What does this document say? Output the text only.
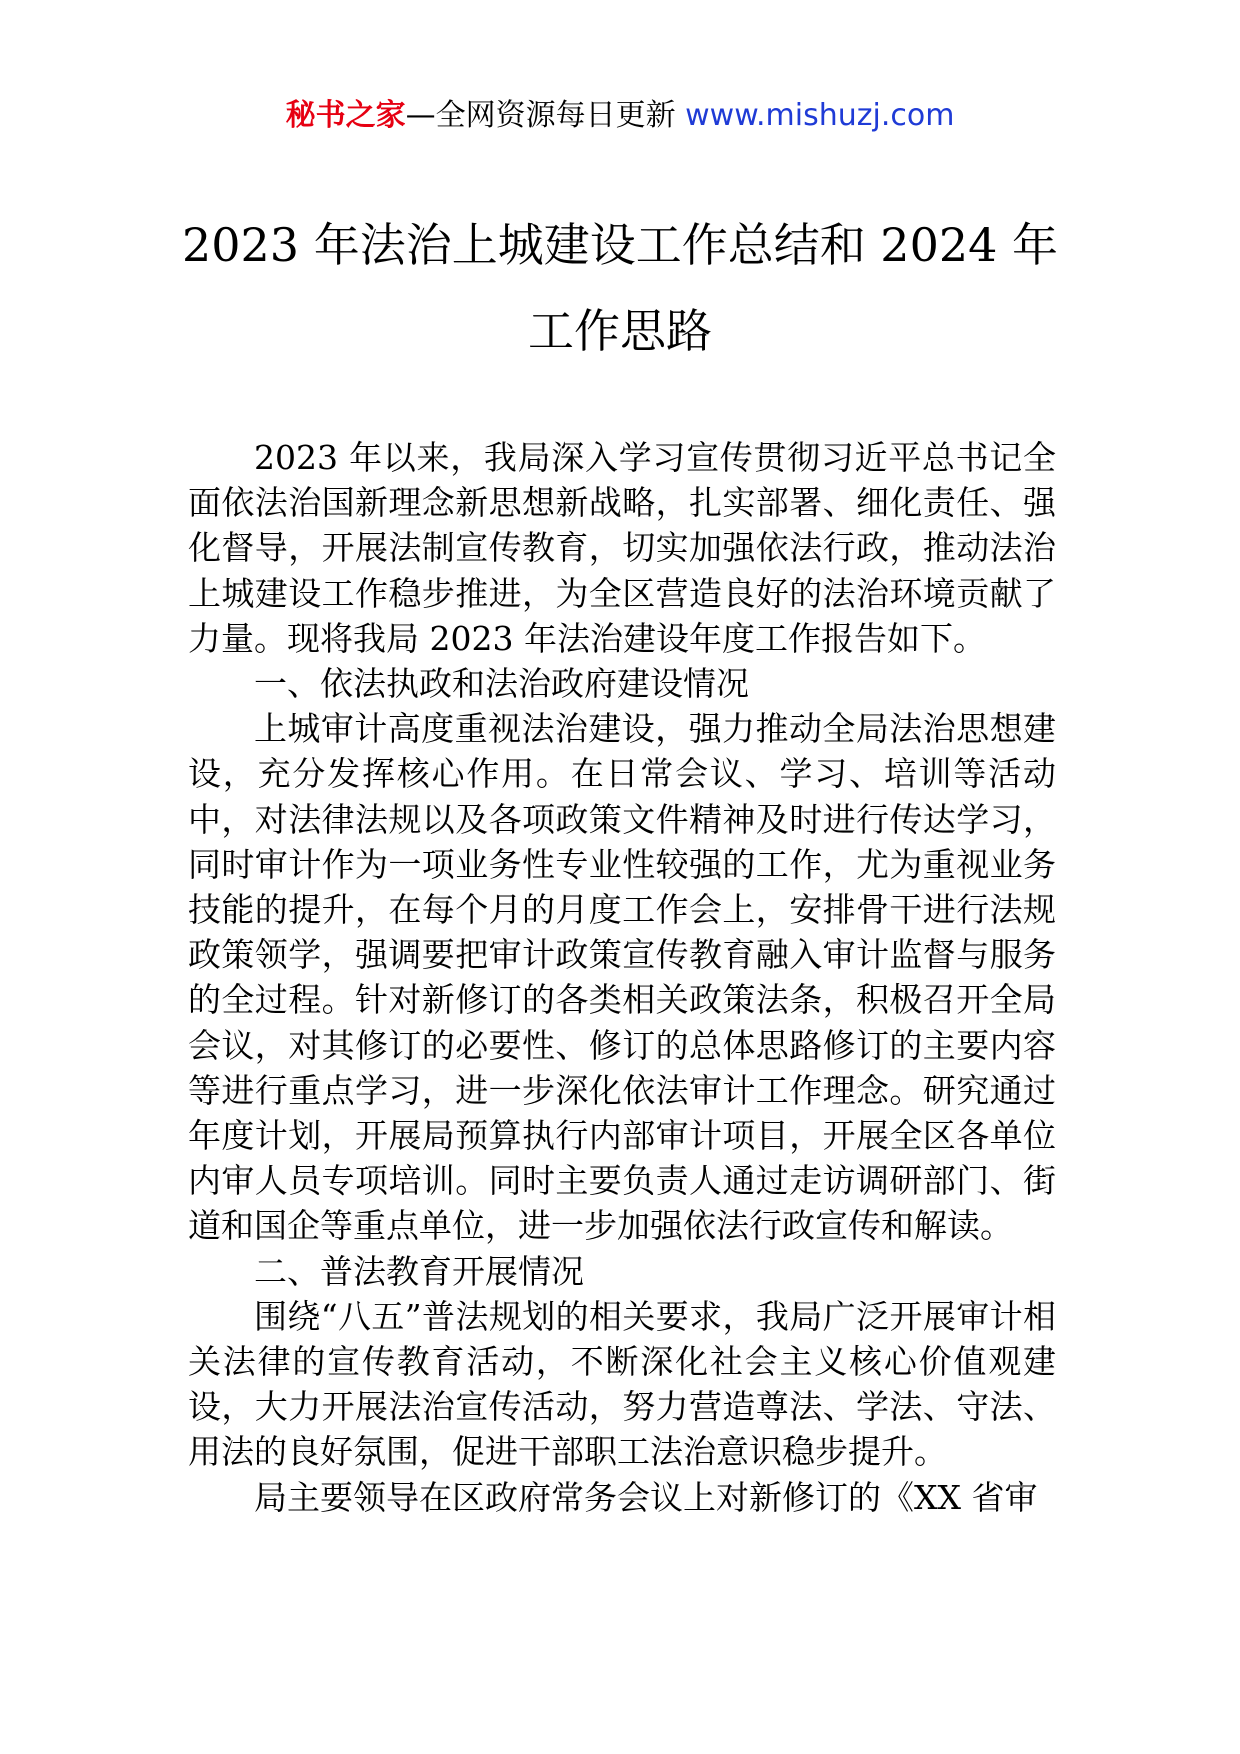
秘书之家—全网资源每日更新 www.mishuzj.com
2023 年法治上城建设工作总结和 2024 年工作思路

2023 年以来，我局深入学习宣传贯彻习近平总书记全面依法治国新理念新思想新战略，扎实部署、细化责任、强化督导，开展法制宣传教育，切实加强依法行政，推动法治上城建设工作稳步推进，为全区营造良好的法治环境贡献了力量。现将我局 2023 年法治建设年度工作报告如下。

一、依法执政和法治政府建设情况

上城审计高度重视法治建设，强力推动全局法治思想建设，充分发挥核心作用。在日常会议、学习、培训等活动中，对法律法规以及各项政策文件精神及时进行传达学习，同时审计作为一项业务性专业性较强的工作，尤为重视业务技能的提升，在每个月的月度工作会上，安排骨干进行法规政策领学，强调要把审计政策宣传教育融入审计监督与服务的全过程。针对新修订的各类相关政策法条，积极召开全局会议，对其修订的必要性、修订的总体思路修订的主要内容等进行重点学习，进一步深化依法审计工作理念。研究通过年度计划，开展局预算执行内部审计项目，开展全区各单位内审人员专项培训。同时主要负责人通过走访调研部门、街道和国企等重点单位，进一步加强依法行政宣传和解读。

二、普法教育开展情况

围绕“八五”普法规划的相关要求，我局广泛开展审计相关法律的宣传教育活动，不断深化社会主义核心价值观建设，大力开展法治宣传活动，努力营造尊法、学法、守法、用法的良好氛围，促进干部职工法治意识稳步提升。

局主要领导在区政府常务会议上对新修订的《XX 省审
